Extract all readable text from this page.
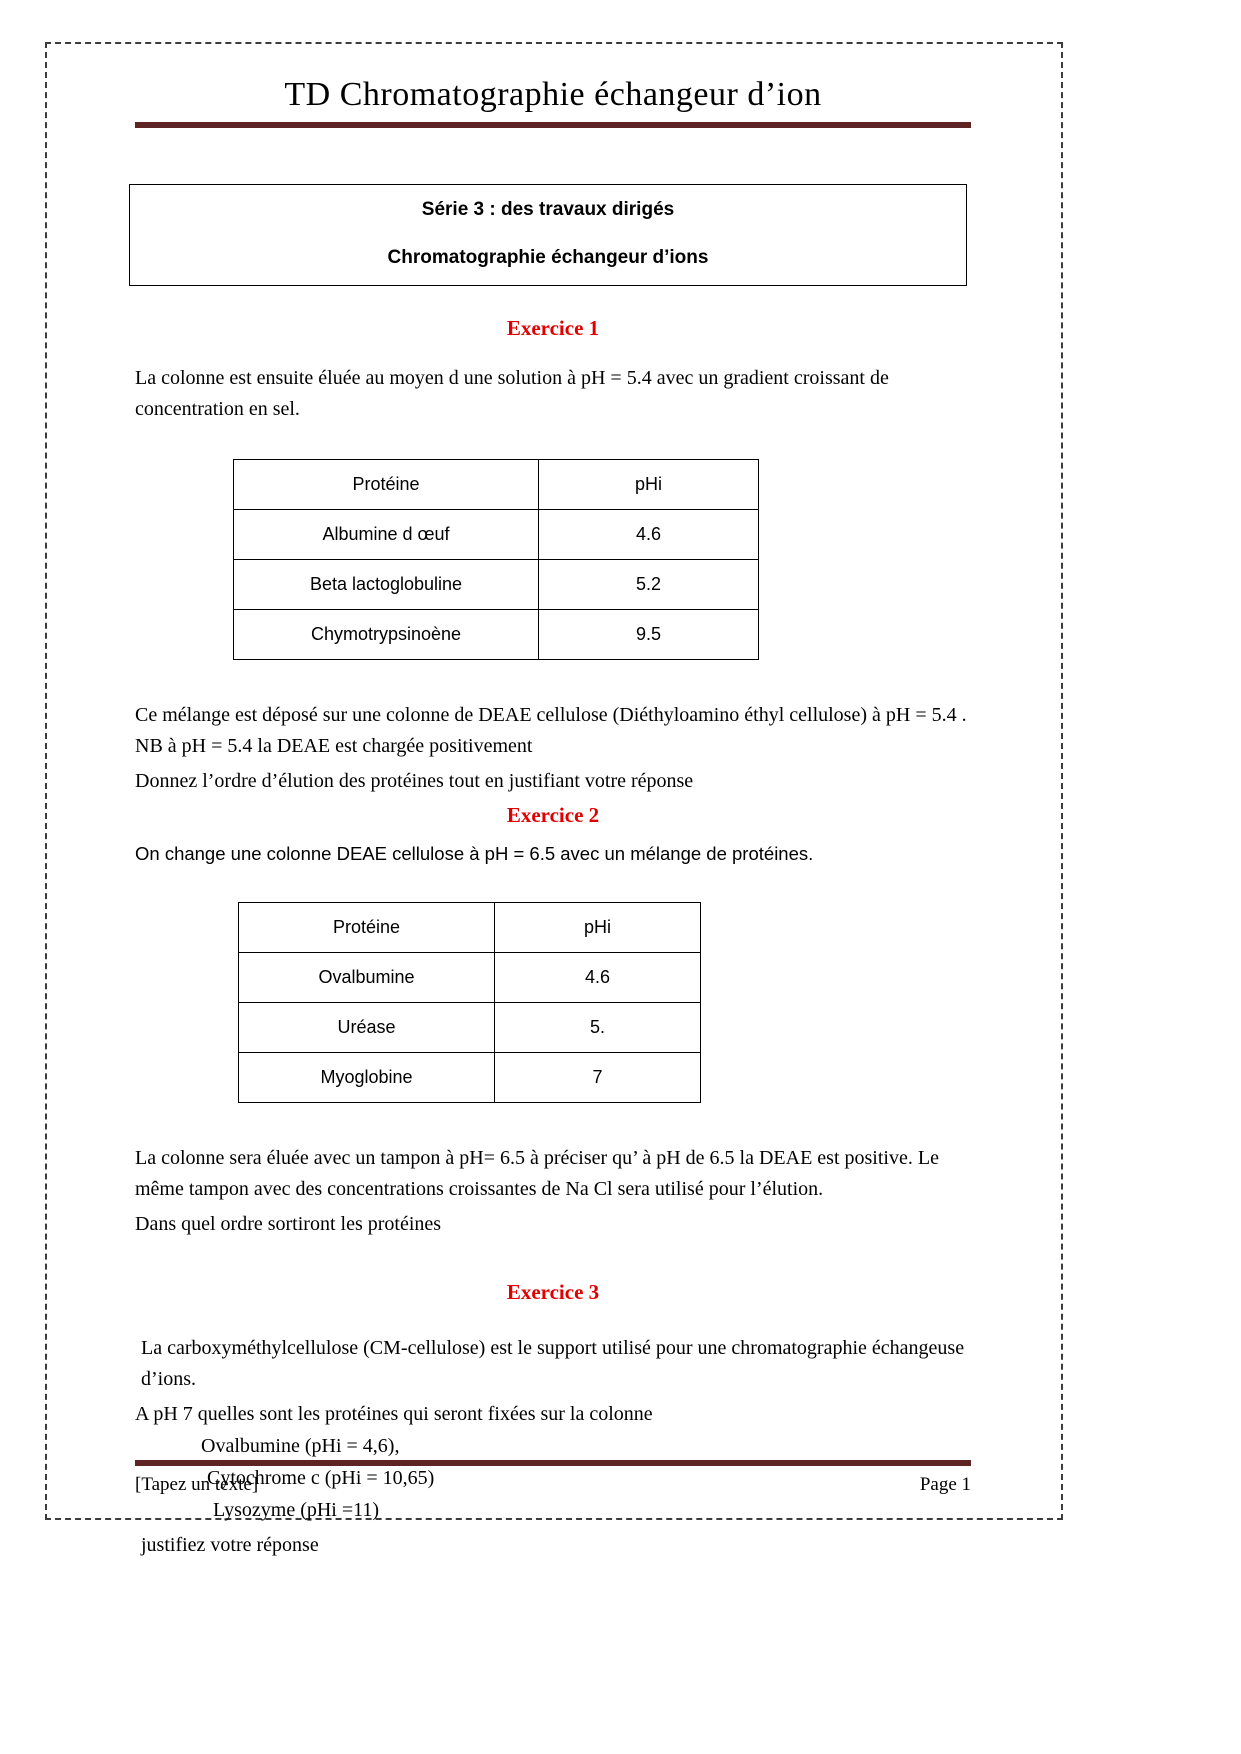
TD Chromatographie échangeur d’ion
Série 3 : des travaux dirigés
Chromatographie échangeur d’ions
Exercice 1

La colonne est ensuite éluée au moyen d une solution à pH = 5.4 avec un gradient croissant de concentration en sel.

Protéine	pHi
Albumine d œuf	4.6
Beta lactoglobuline	5.2
Chymotrypsinoène	9.5

Ce mélange est déposé sur une colonne de DEAE cellulose (Diéthyloamino éthyl cellulose) à pH = 5.4 . NB à pH = 5.4 la DEAE est chargée positivement

Donnez l’ordre d’élution des protéines tout en justifiant votre réponse

Exercice 2

On change une colonne DEAE cellulose à pH = 6.5 avec un mélange de protéines.

Protéine	pHi
Ovalbumine	4.6
Uréase	5.
Myoglobine	7

La colonne sera éluée avec un tampon à pH= 6.5 à préciser qu’ à pH de 6.5 la DEAE est positive. Le même tampon avec des concentrations croissantes de Na Cl sera utilisé pour l’élution.

Dans quel ordre sortiront les protéines

Exercice 3

La carboxyméthylcellulose (CM-cellulose) est le support utilisé pour une chromatographie échangeuse d’ions.

A pH 7 quelles sont les protéines qui seront fixées sur la colonne

Ovalbumine (pHi = 4,6),

Cytochrome c (pHi = 10,65)

Lysozyme (pHi =11)

justifiez votre réponse

[Tapez un texte]	Page 1
